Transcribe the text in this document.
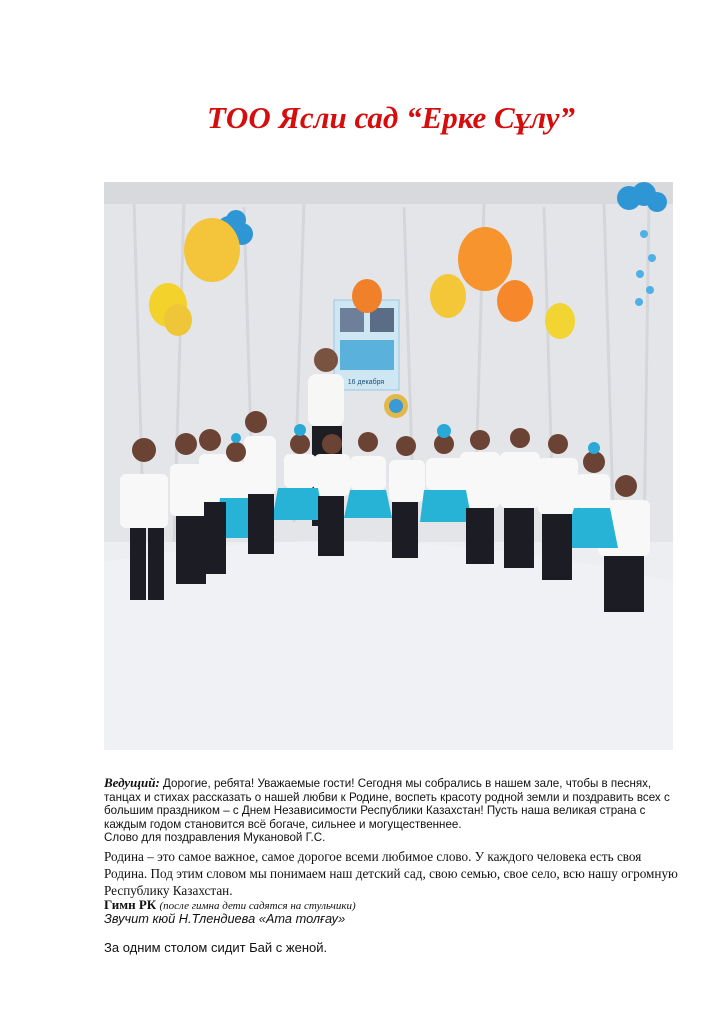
ТОО Ясли сад “Ерке Сұлу”
16 декабря
Ведущий: Дорогие, ребята! Уважаемые гости! Сегодня мы собрались в нашем зале, чтобы в песнях, танцах и стихах рассказать о нашей любви к Родине, воспеть красоту родной земли и поздравить всех с большим праздником – с Днем Независимости Республики Казахстан! Пусть наша великая страна с каждым годом становится всё богаче, сильнее и могущественнее.
Слово для поздравления Мукановой Г.С.
Родина – это самое важное, самое дорогое всеми любимое слово. У каждого человека есть своя Родина. Под этим словом мы понимаем наш детский сад, свою семью, свое село, всю нашу огромную Республику Казахстан.
Гимн РК (после гимна дети садятся на стульчики)
Звучит кюй Н.Тлендиева «Ата толғау»
За одним столом сидит Бай с женой.
